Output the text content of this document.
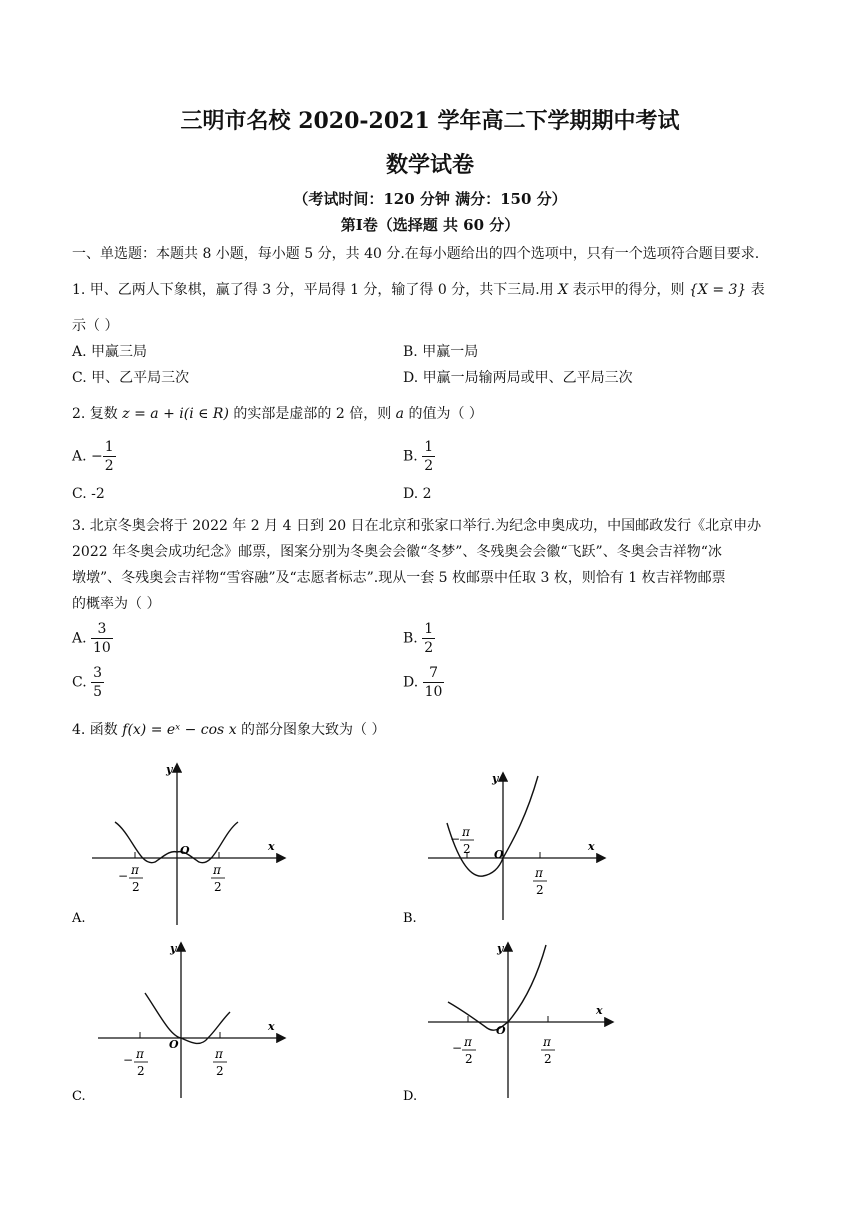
三明市名校 2020-2021 学年高二下学期期中考试
数学试卷
（考试时间：120 分钟 满分：150 分）
第Ⅰ卷（选择题 共 60 分）
一、单选题：本题共 8 小题，每小题 5 分，共 40 分.在每小题给出的四个选项中，只有一个选项符合题目要求.
1. 甲、乙两人下象棋，赢了得 3 分，平局得 1 分，输了得 0 分，共下三局.用 X 表示甲的得分，则 {X = 3} 表
示（ ）
A. 甲赢三局	B. 甲赢一局
C. 甲、乙平局三次	D. 甲赢一局输两局或甲、乙平局三次
2. 复数 z = a + i(i ∈ R) 的实部是虚部的 2 倍，则 a 的值为（ ）
A. − $\frac{1}{2}$	B. $\frac{1}{2}$
C. -2	D. 2
3. 北京冬奥会将于 2022 年 2 月 4 日到 20 日在北京和张家口举行.为纪念申奥成功，中国邮政发行《北京申办
2022 年冬奥会成功纪念》邮票，图案分别为冬奥会会徽“冬梦”、冬残奥会会徽“飞跃”、冬奥会吉祥物“冰
墩墩”、冬残奥会吉祥物“雪容融”及“志愿者标志”.现从一套 5 枚邮票中任取 3 枚，则恰有 1 枚吉祥物邮票
的概率为（ ）
A. $\frac{3}{10}$	B. $\frac{1}{2}$
C. $\frac{3}{5}$	D. $\frac{7}{10}$
4. 函数 f(x) = eˣ − cos x 的部分图象大致为（ ）
y
x
O
− π
2
π
2
A.
y
x
O
− π
2
π
2
B.
y
x
O
− π
2
π
2
C.
y
x
O
− π
2
π
2
D.
